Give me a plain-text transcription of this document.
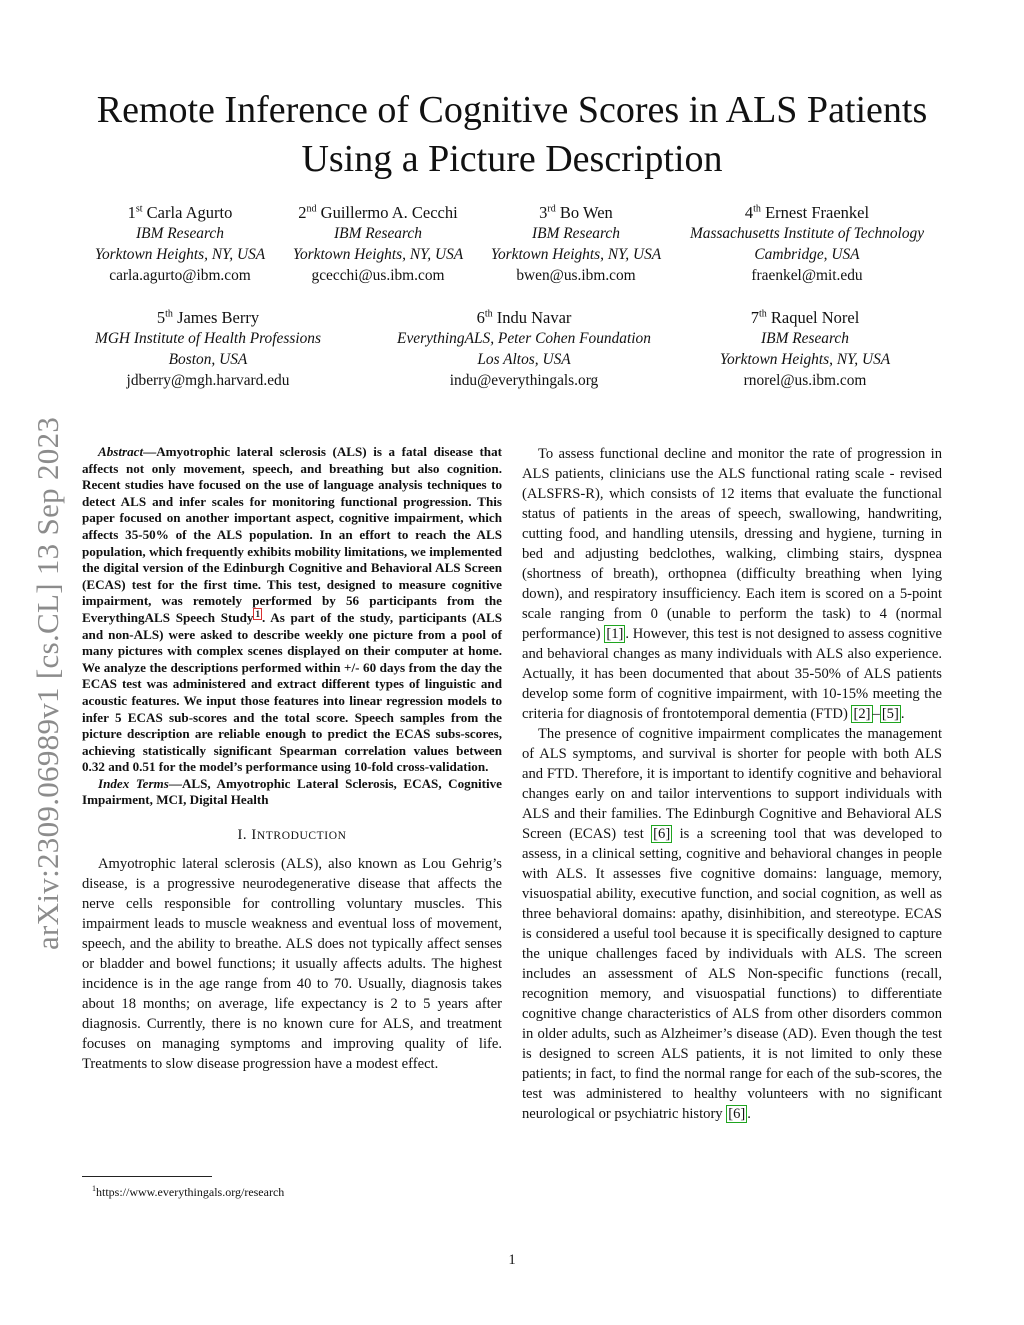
arXiv:2309.06989v1 [cs.CL] 13 Sep 2023
Remote Inference of Cognitive Scores in ALS Patients Using a Picture Description
1st Carla Agurto
IBM Research
Yorktown Heights, NY, USA
carla.agurto@ibm.com
2nd Guillermo A. Cecchi
IBM Research
Yorktown Heights, NY, USA
gcecchi@us.ibm.com
3rd Bo Wen
IBM Research
Yorktown Heights, NY, USA
bwen@us.ibm.com
4th Ernest Fraenkel
Massachusetts Institute of Technology
Cambridge, USA
fraenkel@mit.edu
5th James Berry
MGH Institute of Health Professions
Boston, USA
jdberry@mgh.harvard.edu
6th Indu Navar
EverythingALS, Peter Cohen Foundation
Los Altos, USA
indu@everythingals.org
7th Raquel Norel
IBM Research
Yorktown Heights, NY, USA
rnorel@us.ibm.com

Abstract—Amyotrophic lateral sclerosis (ALS) is a fatal disease that affects not only movement, speech, and breathing but also cognition. Recent studies have focused on the use of language analysis techniques to detect ALS and infer scales for monitoring functional progression. This paper focused on another important aspect, cognitive impairment, which affects 35-50% of the ALS population. In an effort to reach the ALS population, which frequently exhibits mobility limitations, we implemented the digital version of the Edinburgh Cognitive and Behavioral ALS Screen (ECAS) test for the first time. This test, designed to measure cognitive impairment, was remotely performed by 56 participants from the EverythingALS Speech Study $^1$ . As part of the study, participants (ALS and non-ALS) were asked to describe weekly one picture from a pool of many pictures with complex scenes displayed on their computer at home. We analyze the descriptions performed within +/- 60 days from the day the ECAS test was administered and extract different types of linguistic and acoustic features. We input those features into linear regression models to infer 5 ECAS sub-scores and the total score. Speech samples from the picture description are reliable enough to predict the ECAS subs-scores, achieving statistically significant Spearman correlation values between 0.32 and 0.51 for the model’s performance using 10-fold cross-validation.

Index Terms—ALS, Amyotrophic Lateral Sclerosis, ECAS, Cognitive Impairment, MCI, Digital Health

I. INTRODUCTION

Amyotrophic lateral sclerosis (ALS), also known as Lou Gehrig’s disease, is a progressive neurodegenerative disease that affects the nerve cells responsible for controlling voluntary muscles. This impairment leads to muscle weakness and eventual loss of movement, speech, and the ability to breathe. ALS does not typically affect senses or bladder and bowel functions; it usually affects adults. The highest incidence is in the age range from 40 to 70. Usually, diagnosis takes about 18 months; on average, life expectancy is 2 to 5 years after diagnosis. Currently, there is no known cure for ALS, and treatment focuses on managing symptoms and improving quality of life. Treatments to slow disease progression have a modest effect.

$^1$https://www.everythingals.org/research

To assess functional decline and monitor the rate of progression in ALS patients, clinicians use the ALS functional rating scale - revised (ALSFRS-R), which consists of 12 items that evaluate the functional status of patients in the areas of speech, swallowing, handwriting, cutting food, and handling utensils, dressing and hygiene, turning in bed and adjusting bedclothes, walking, climbing stairs, dyspnea (shortness of breath), orthopnea (difficulty breathing when lying down), and respiratory insufficiency. Each item is scored on a 5-point scale ranging from 0 (unable to perform the task) to 4 (normal performance) [1] . However, this test is not designed to assess cognitive and behavioral changes as many individuals with ALS also experience. Actually, it has been documented that about 35-50% of ALS patients develop some form of cognitive impairment, with 10-15% meeting the criteria for diagnosis of frontotemporal dementia (FTD) [2] – [5] .

The presence of cognitive impairment complicates the management of ALS symptoms, and survival is shorter for people with both ALS and FTD. Therefore, it is important to identify cognitive and behavioral changes early on and tailor interventions to support individuals with ALS and their families. The Edinburgh Cognitive and Behavioral ALS Screen (ECAS) test [6] is a screening tool that was developed to assess, in a clinical setting, cognitive and behavioral changes in people with ALS. It assesses five cognitive domains: language, memory, visuospatial ability, executive function, and social cognition, as well as three behavioral domains: apathy, disinhibition, and stereotype. ECAS is considered a useful tool because it is specifically designed to capture the unique challenges faced by individuals with ALS. The screen includes an assessment of ALS Non-specific functions (recall, recognition memory, and visuospatial functions) to differentiate cognitive change characteristics of ALS from other disorders common in older adults, such as Alzheimer’s disease (AD). Even though the test is designed to screen ALS patients, it is not limited to only these patients; in fact, to find the normal range for each of the sub-scores, the test was administered to healthy volunteers with no significant neurological or psychiatric history [6] .

1
